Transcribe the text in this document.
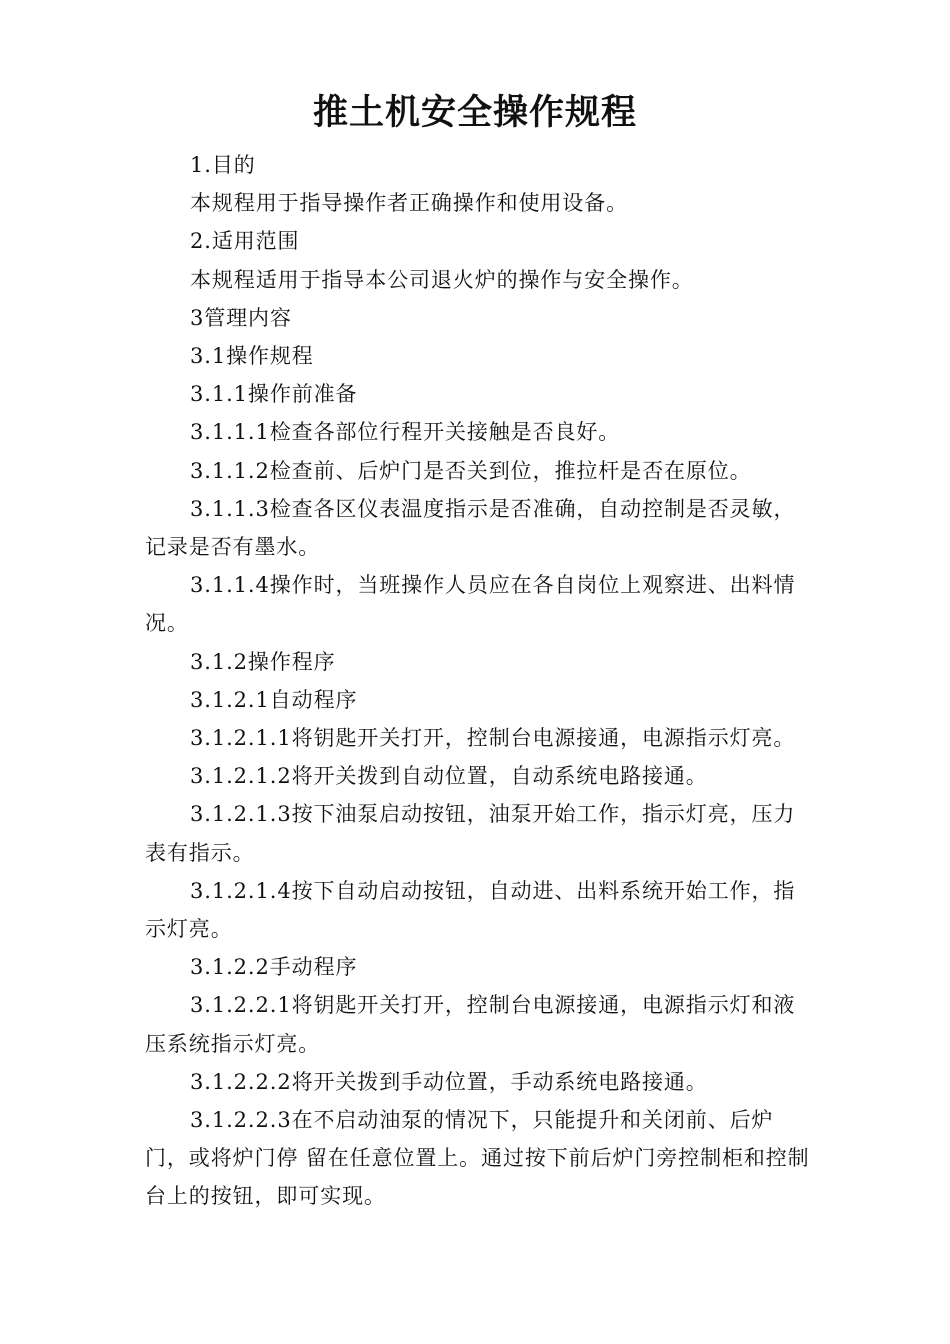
推土机安全操作规程

1.目的

本规程用于指导操作者正确操作和使用设备。

2.适用范围

本规程适用于指导本公司退火炉的操作与安全操作。

3管理内容

3.1操作规程

3.1.1操作前准备

3.1.1.1检查各部位行程开关接触是否良好。

3.1.1.2检查前、后炉门是否关到位，推拉杆是否在原位。

3.1.1.3检查各区仪表温度指示是否准确，自动控制是否灵敏，记录是否有墨水。

3.1.1.4操作时，当班操作人员应在各自岗位上观察进、出料情况。

3.1.2操作程序

3.1.2.1自动程序

3.1.2.1.1将钥匙开关打开，控制台电源接通，电源指示灯亮。

3.1.2.1.2将开关拨到自动位置，自动系统电路接通。

3.1.2.1.3按下油泵启动按钮，油泵开始工作，指示灯亮，压力表有指示。

3.1.2.1.4按下自动启动按钮，自动进、出料系统开始工作，指示灯亮。

3.1.2.2手动程序

3.1.2.2.1将钥匙开关打开，控制台电源接通，电源指示灯和液压系统指示灯亮。

3.1.2.2.2将开关拨到手动位置，手动系统电路接通。

3.1.2.2.3在不启动油泵的情况下，只能提升和关闭前、后炉门，或将炉门停 留在任意位置上。通过按下前后炉门旁控制柜和控制台上的按钮，即可实现。
